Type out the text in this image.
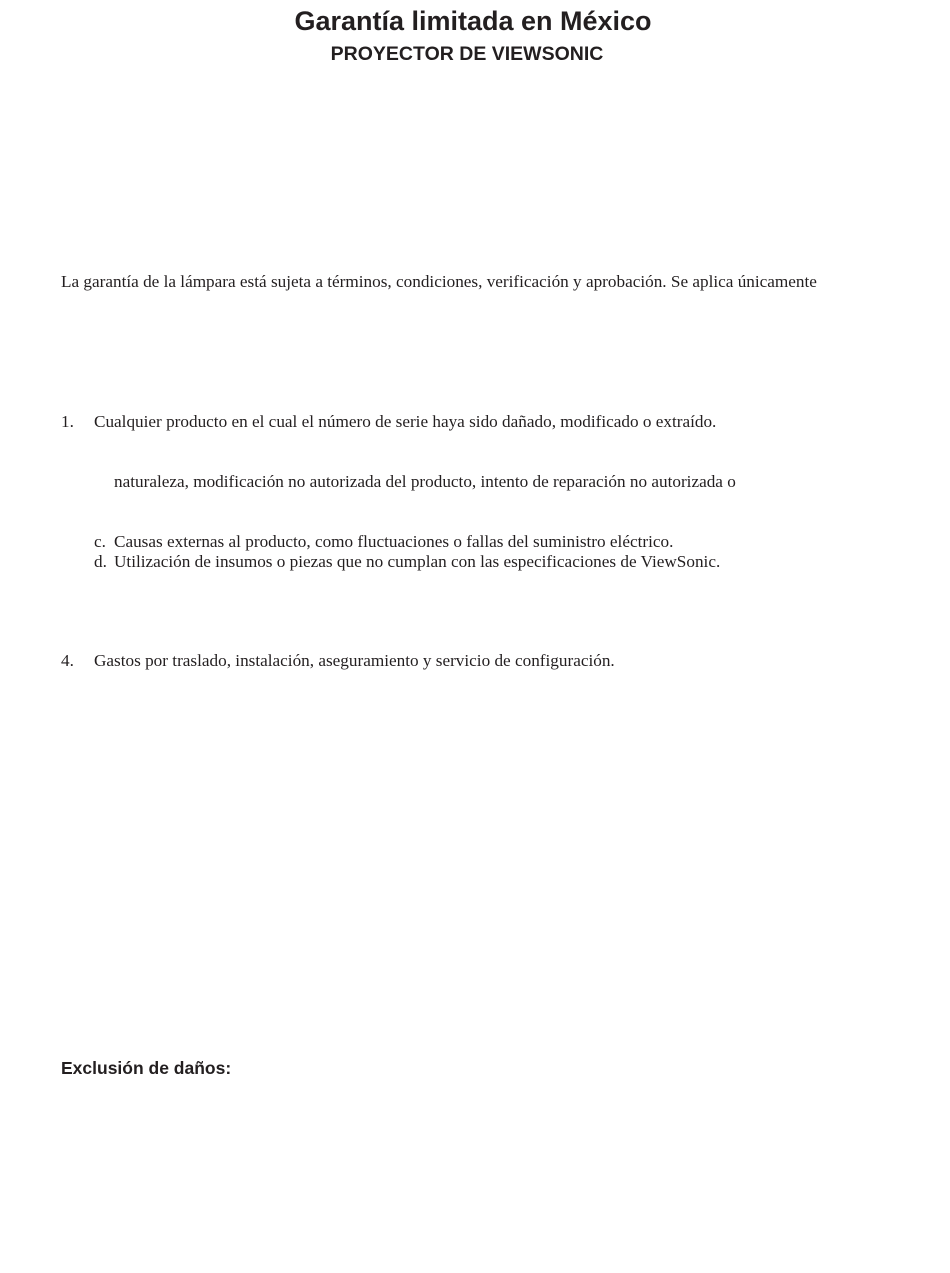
Garantía limitada en México
PROYECTOR DE VIEWSONIC

La garantía de la lámpara está sujeta a términos, condiciones, verificación y aprobación. Se aplica únicamente

1. Cualquier producto en el cual el número de serie haya sido dañado, modificado o extraído.
naturaleza, modificación no autorizada del producto, intento de reparación no autorizada o
c. Causas externas al producto, como fluctuaciones o fallas del suministro eléctrico.
d. Utilización de insumos o piezas que no cumplan con las especificaciones de ViewSonic.
4. Gastos por traslado, instalación, aseguramiento y servicio de configuración.
Exclusión de daños:
